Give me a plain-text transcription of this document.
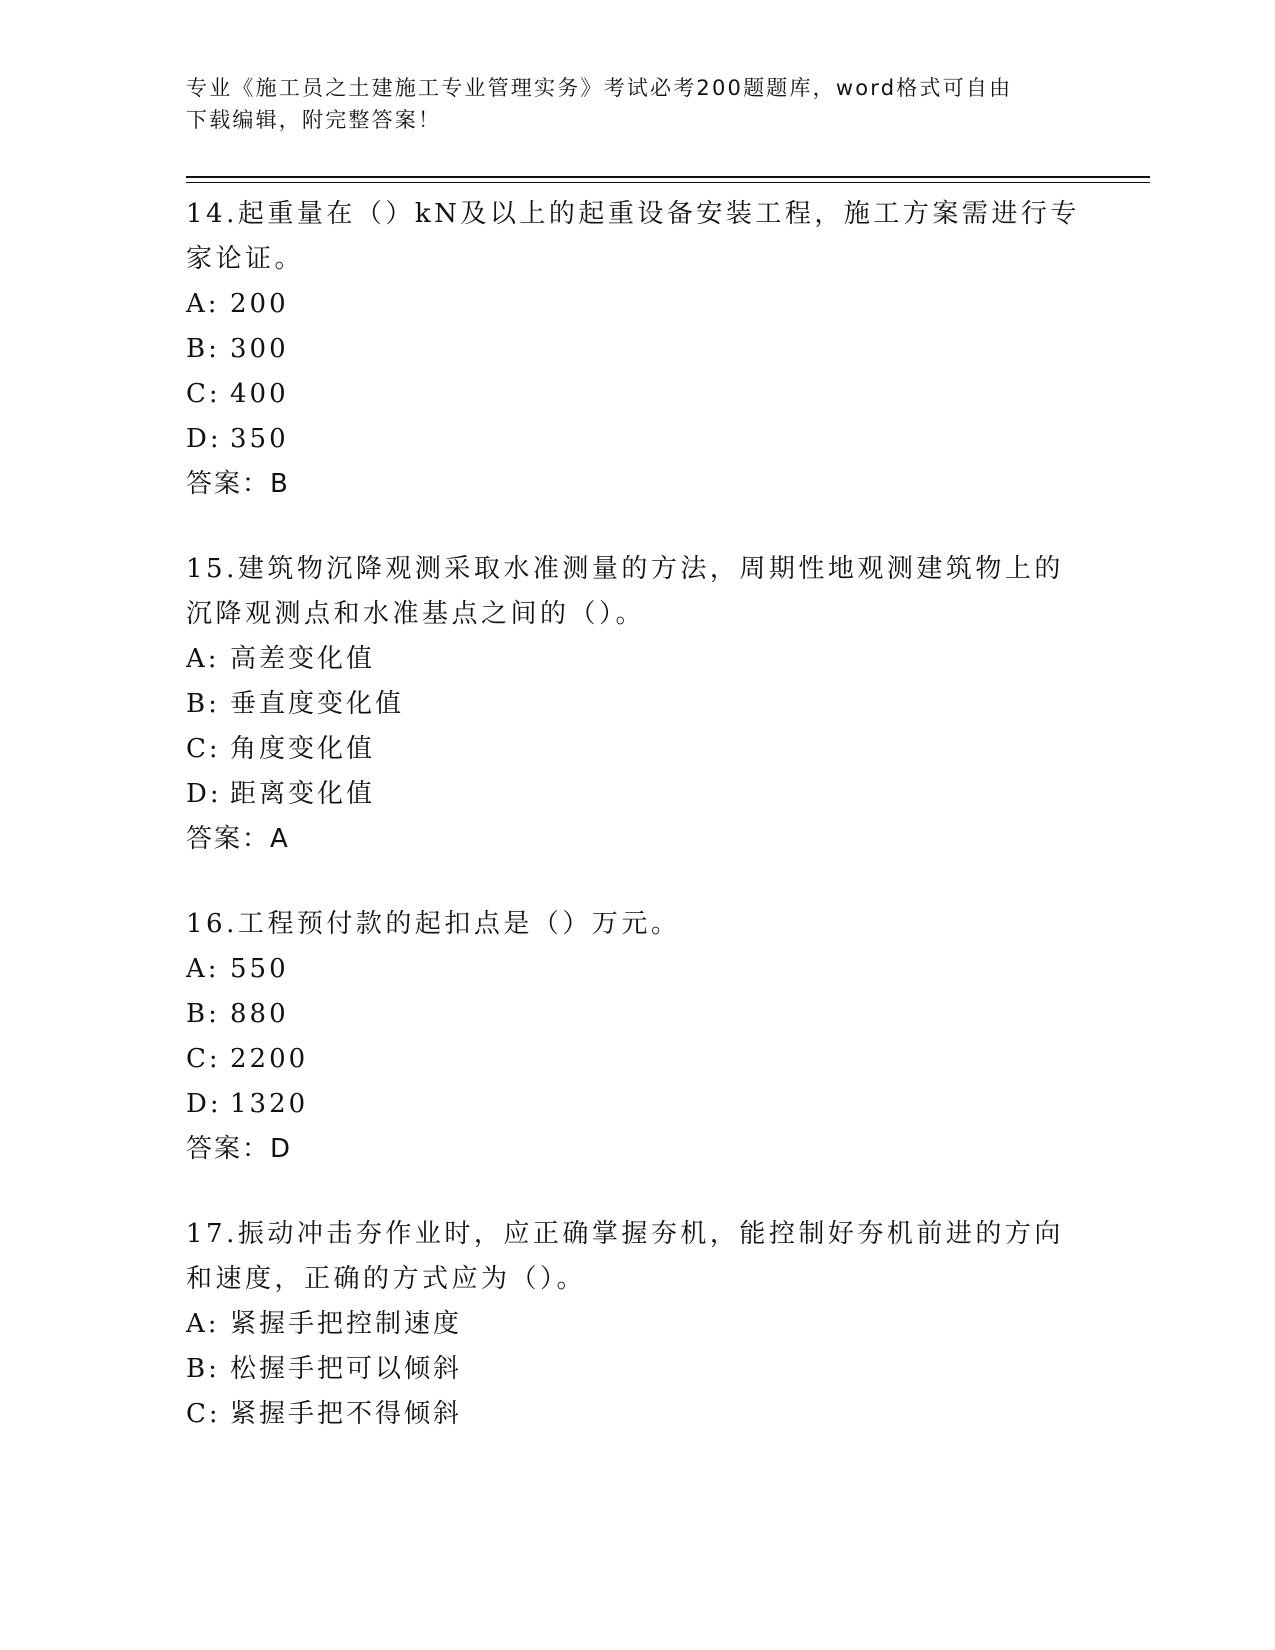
专业《施工员之土建施工专业管理实务》考试必考200题题库，word格式可自由
下载编辑，附完整答案！

14.起重量在（）kN及以上的起重设备安装工程，施工方案需进行专家论证。

A: 200

B: 300

C: 400

D: 350

答案：B

15.建筑物沉降观测采取水准测量的方法，周期性地观测建筑物上的沉降观测点和水准基点之间的（）。

A: 高差变化值

B: 垂直度变化值

C: 角度变化值

D: 距离变化值

答案：A

16.工程预付款的起扣点是（）万元。

A: 550

B: 880

C: 2200

D: 1320

答案：D

17.振动冲击夯作业时，应正确掌握夯机，能控制好夯机前进的方向和速度，正确的方式应为（）。

A: 紧握手把控制速度

B: 松握手把可以倾斜

C: 紧握手把不得倾斜
